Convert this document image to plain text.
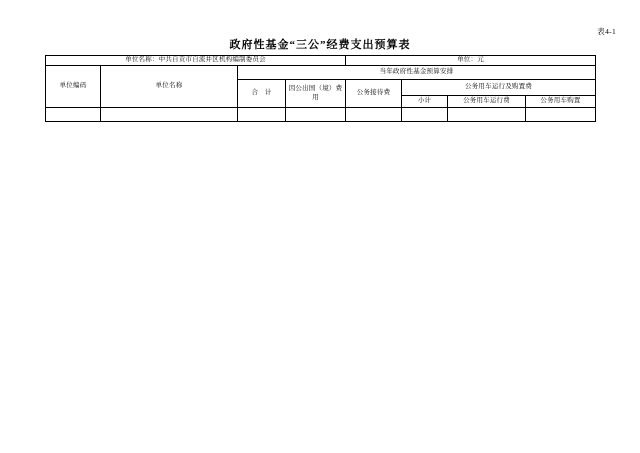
表4-1
政府性基金“三公”经费支出预算表
单位名称：中共自贡市自流井区机构编制委员会				单位：元			
单位编码	单位名称	当年政府性基金预算安排					
		合　计	因公出国（境）费用	公务接待费	公务用车运行及购置费		
					小计	公务用车运行费	公务用车购置
